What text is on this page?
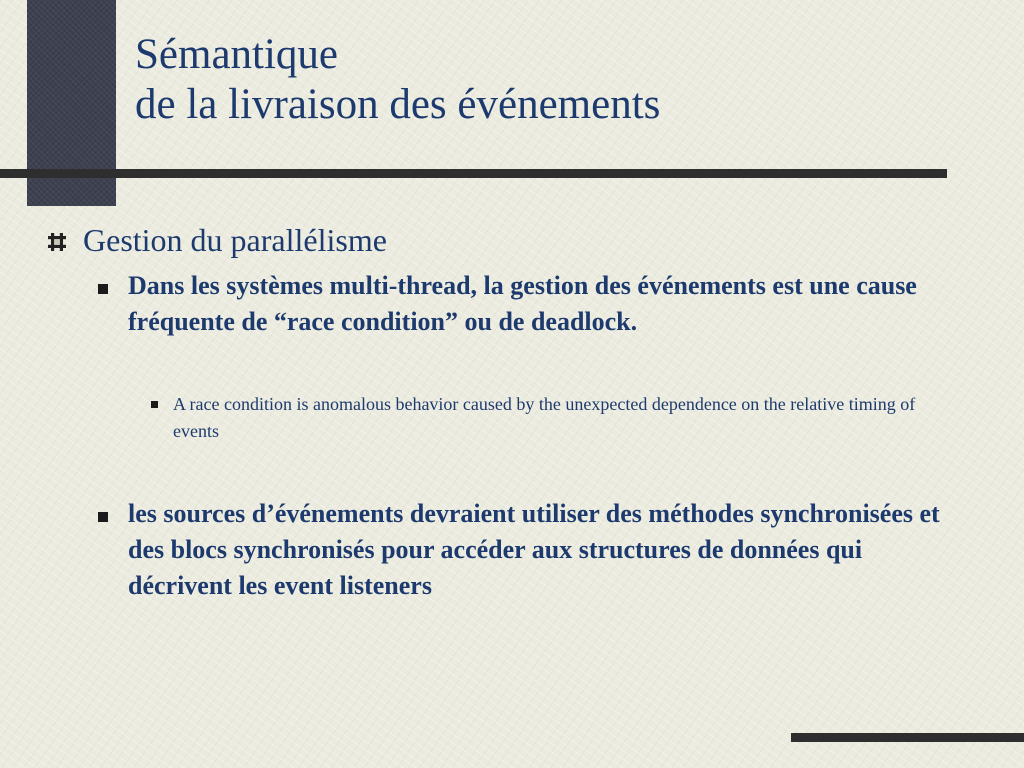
Sémantique
de la livraison des événements
Gestion du parallélisme
Dans les systèmes multi-thread, la gestion des événements est une cause fréquente de “race condition” ou de deadlock.
A race condition is anomalous behavior caused by the unexpected dependence on the relative timing of events
les sources d’événements devraient utiliser des méthodes synchronisées et des blocs synchronisés pour accéder aux structures de données qui décrivent les event listeners
